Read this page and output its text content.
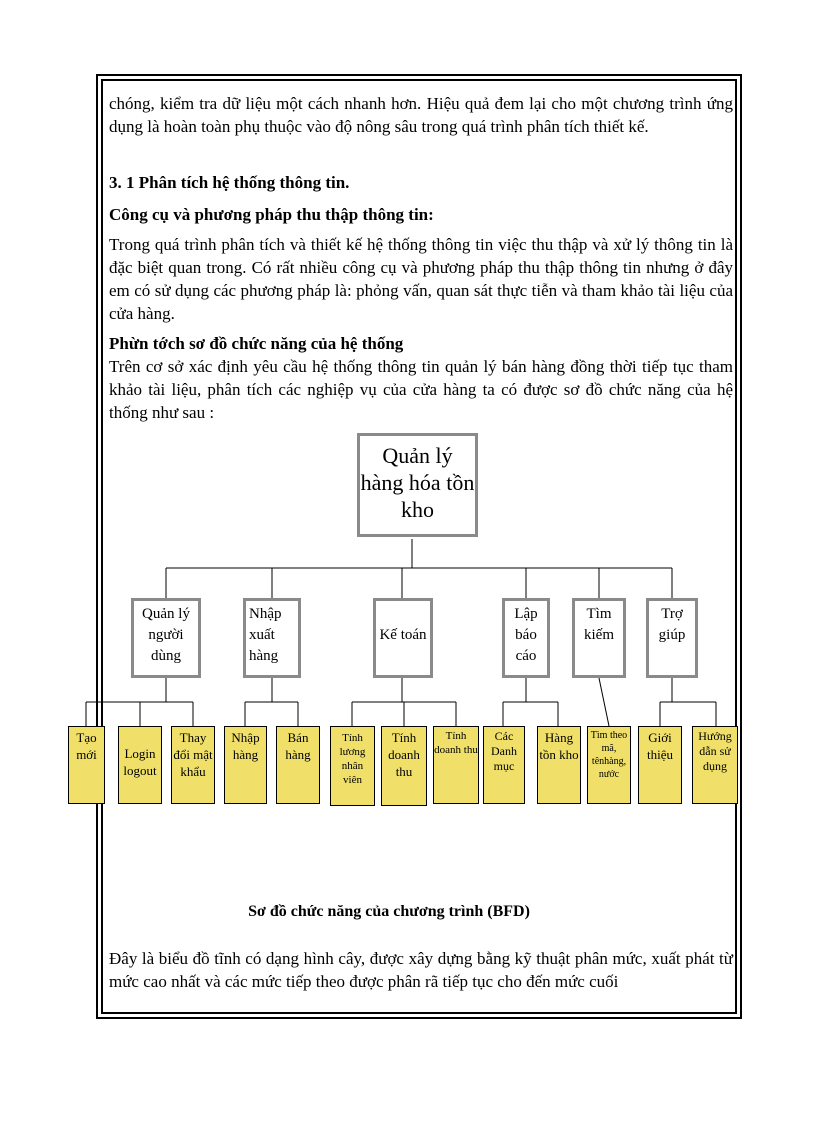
chóng, kiểm tra dữ liệu một cách nhanh hơn. Hiệu quả đem lại cho một chương trình ứng dụng là hoàn toàn phụ thuộc vào độ nông sâu trong quá trình phân tích thiết kế.

3. 1 Phân tích hệ thống thông tin.

Công cụ và phương pháp thu thập thông tin:

Trong quá trình phân tích và thiết kế hệ thống thông tin việc thu thập và xử lý thông tin là đặc biệt quan trong. Có rất nhiều công cụ và phương pháp thu thập thông tin nhưng ở đây em có sử dụng các phương pháp là: phỏng vấn, quan sát thực tiễn và tham khảo tài liệu của cửa hàng.

Phừn tớch sơ đồ chức năng của hệ thống

Trên cơ sở xác định yêu cầu hệ thống thông tin quản lý bán hàng đồng thời tiếp tục tham khảo tài liệu, phân tích các nghiệp vụ của cửa hàng ta có được sơ đồ chức năng của hệ thống như sau :

Quản lý hàng hóa tồn kho
Quản lý người dùng
Nhập xuất hàng
Kế toán
Lập báo cáo
Tìm kiếm
Trợ giúp
Tạo mới	Login logout
Thay đổi mật khẩu
Nhập hàng
Bán hàng
Tính lương nhân viên
Tính doanh thu
Tính doanh thu
Các Danh mục
Hàng tồn kho
Tìm theo mã, tênhàng, nước
Giới thiệu
Hướng dẫn sử dụng
Sơ đồ chức năng của chương trình (BFD)

Đây là biểu đồ tĩnh có dạng hình cây, được xây dựng bằng kỹ thuật phân mức, xuất phát từ mức cao nhất và các mức tiếp theo được phân rã tiếp tục cho đến mức cuối
